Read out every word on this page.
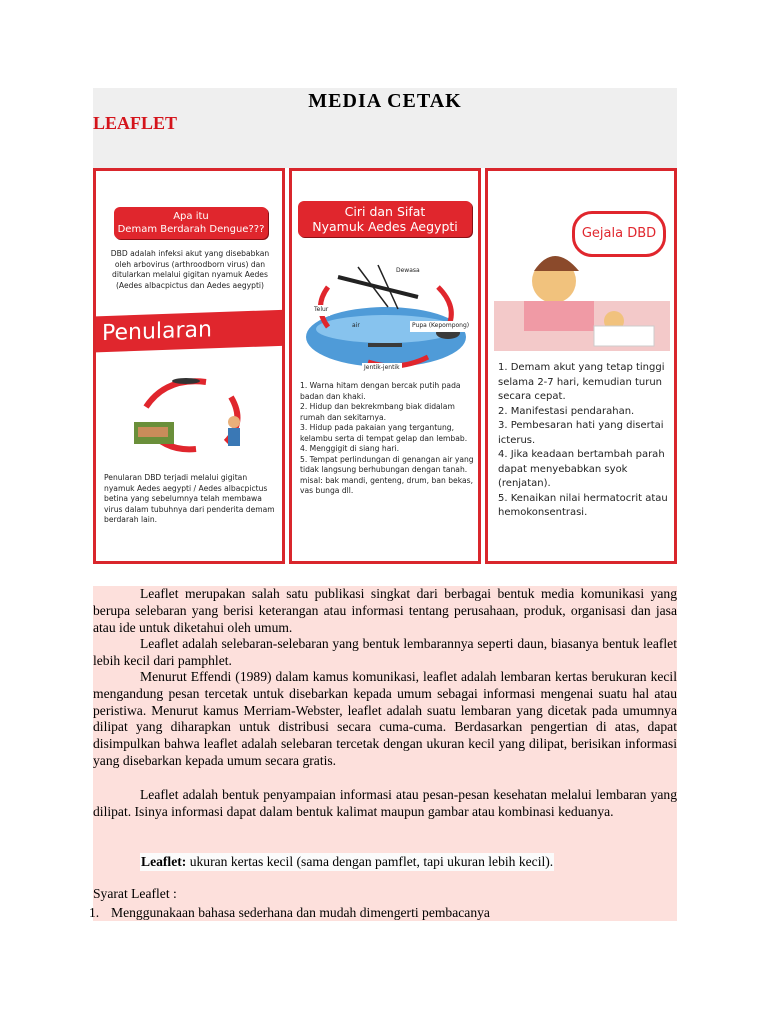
MEDIA CETAK
LEAFLET
Apa itu
Demam Berdarah Dengue???
DBD adalah infeksi akut yang disebabkan oleh arbovirus (arthroodborn virus) dan ditularkan melalui gigitan nyamuk Aedes (Aedes albacpictus dan Aedes aegypti)
Penularan
Penularan DBD terjadi melalui gigitan nyamuk Aedes aegypti / Aedes albacpictus betina yang sebelumnya telah membawa virus dalam tubuhnya dari penderita demam berdarah lain.
Ciri dan Sifat
Nyamuk Aedes Aegypti
Dewasa
Telur
air	Pupa (Kepompong)
Jentik-jentik
1. Warna hitam dengan bercak putih pada badan dan khaki.
2. Hidup dan bekrekmbang biak didalam rumah dan sekitarnya.
3. Hidup pada pakaian yang tergantung, kelambu serta di tempat gelap dan lembab.
4. Menggigit di siang hari.
5. Tempat perlindungan di genangan air yang tidak langsung berhubungan dengan tanah. misal: bak mandi, genteng, drum, ban bekas, vas bunga dll.
Gejala DBD
1. Demam akut yang tetap tinggi selama 2-7 hari, kemudian turun secara cepat.
2. Manifestasi pendarahan.
3. Pembesaran hati yang disertai icterus.
4. Jika keadaan bertambah parah dapat menyebabkan syok (renjatan).
5. Kenaikan nilai hermatocrit atau hemokonsentrasi.

Leaflet merupakan salah satu publikasi singkat dari berbagai bentuk media komunikasi yang berupa selebaran yang berisi keterangan atau informasi tentang perusahaan, produk, organisasi dan jasa atau ide untuk diketahui oleh umum.

Leaflet adalah selebaran-selebaran yang bentuk lembarannya seperti daun, biasanya bentuk leaflet lebih kecil dari pamphlet.

Menurut Effendi (1989) dalam kamus komunikasi, leaflet adalah lembaran kertas berukuran kecil mengandung pesan tercetak untuk disebarkan kepada umum sebagai informasi mengenai suatu hal atau peristiwa. Menurut kamus Merriam-Webster, leaflet adalah suatu lembaran yang dicetak pada umumnya dilipat yang diharapkan untuk distribusi secara cuma-cuma. Berdasarkan pengertian di atas, dapat disimpulkan bahwa leaflet adalah selebaran tercetak dengan ukuran kecil yang dilipat, berisikan informasi yang disebarkan kepada umum secara gratis.

Leaflet adalah bentuk penyampaian informasi atau pesan-pesan kesehatan melalui lembaran yang dilipat. Isinya informasi dapat dalam bentuk kalimat maupun gambar atau kombinasi keduanya.

Leaflet: ukuran kertas kecil (sama dengan pamflet, tapi ukuran lebih kecil).
Syarat Leaflet :
1. Menggunakaan bahasa sederhana dan mudah dimengerti pembacanya
